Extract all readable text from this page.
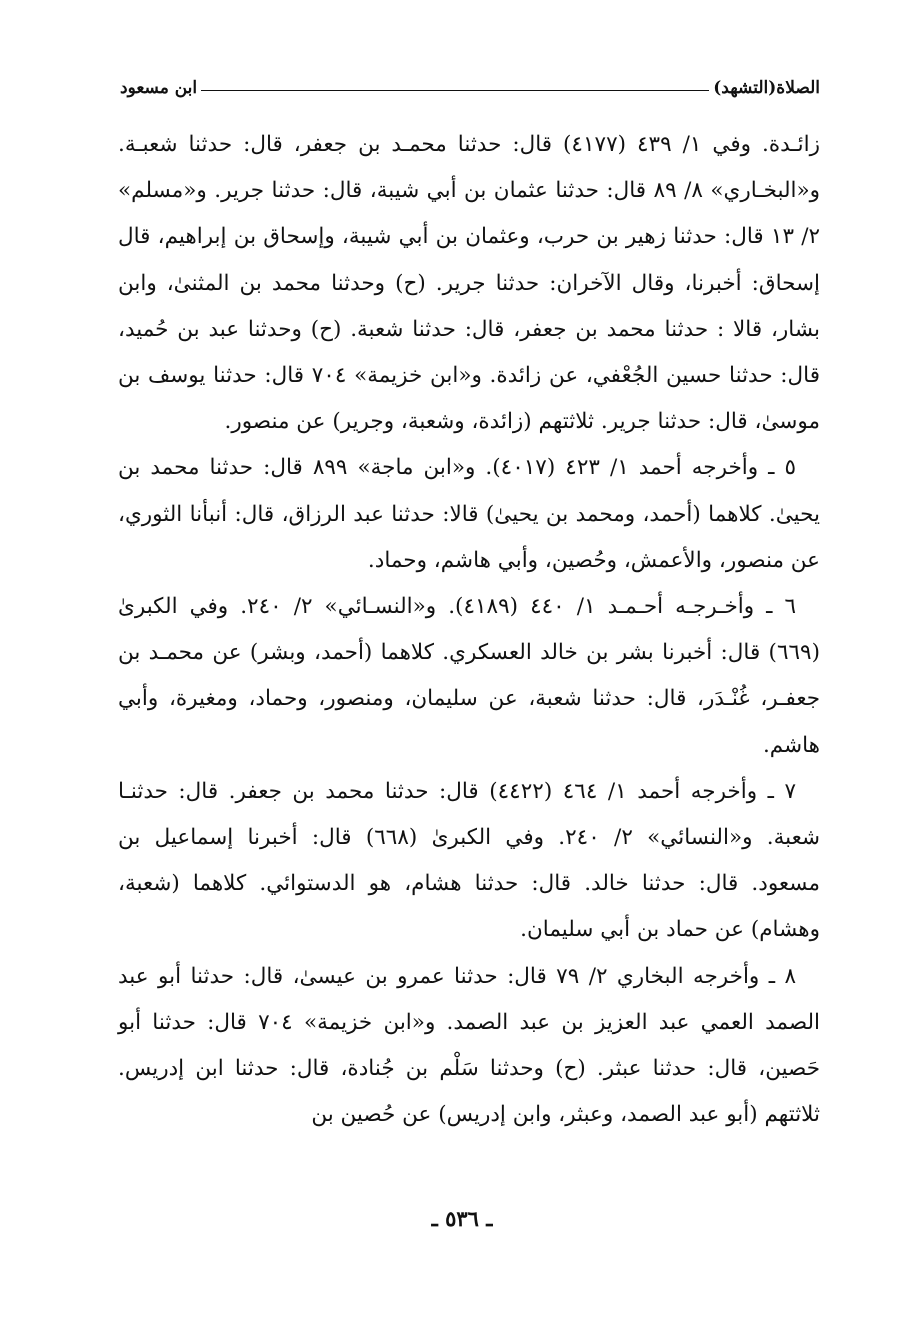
الصلاة(التشهد)
ابن مسعود

زائـدة. وفي ١/ ٤٣٩ (٤١٧٧) قال: حدثنا محمـد بن جعفر، قال: حدثنا شعبـة. و«البخـاري» ٨/ ٨٩ قال: حدثنا عثمان بن أبي شيبة، قال: حدثنا جرير. و«مسلم» ٢/ ١٣ قال: حدثنا زهير بن حرب، وعثمان بن أبي شيبة، وإسحاق بن إبراهيم، قال إسحاق: أخبرنا، وقال الآخران: حدثنا جرير. (ح) وحدثنا محمد بن المثنىٰ، وابن بشار، قالا : حدثنا محمد بن جعفر، قال: حدثنا شعبة. (ح) وحدثنا عبد بن حُميد، قال: حدثنا حسين الجُعْفي، عن زائدة. و«ابن خزيمة» ٧٠٤ قال: حدثنا يوسف بن موسىٰ، قال: حدثنا جرير. ثلاثتهم (زائدة، وشعبة، وجرير) عن منصور.

٥ ـ وأخرجه أحمد ١/ ٤٢٣ (٤٠١٧). و«ابن ماجة» ٨٩٩ قال: حدثنا محمد بن يحيىٰ. كلاهما (أحمد، ومحمد بن يحيىٰ) قالا: حدثنا عبد الرزاق، قال: أنبأنا الثوري، عن منصور، والأعمش، وحُصين، وأبي هاشم، وحماد.

٦ ـ وأخـرجـه أحـمـد ١/ ٤٤٠ (٤١٨٩). و«النسـائي» ٢/ ٢٤٠. وفي الكبرىٰ (٦٦٩) قال: أخبرنا بشر بن خالد العسكري. كلاهما (أحمد، وبشر) عن محمـد بن جعفـر، غُنْـدَر، قال: حدثنا شعبة، عن سليمان، ومنصور، وحماد، ومغيرة، وأبي هاشم.

٧ ـ وأخرجه أحمد ١/ ٤٦٤ (٤٤٢٢) قال: حدثنا محمد بن جعفر. قال: حدثنـا شعبة. و«النسائي» ٢/ ٢٤٠. وفي الكبرىٰ (٦٦٨) قال: أخبرنا إسماعيل بن مسعود. قال: حدثنا خالد. قال: حدثنا هشام، هو الدستوائي. كلاهما (شعبة، وهشام) عن حماد بن أبي سليمان.

٨ ـ وأخرجه البخاري ٢/ ٧٩ قال: حدثنا عمرو بن عيسىٰ، قال: حدثنا أبو عبد الصمد العمي عبد العزيز بن عبد الصمد. و«ابن خزيمة» ٧٠٤ قال: حدثنا أبو حَصين، قال: حدثنا عبثر. (ح) وحدثنا سَلْم بن جُنادة، قال: حدثنا ابن إدريس. ثلاثتهم (أبو عبد الصمد، وعبثر، وابن إدريس) عن حُصين بن

ـ ٥٣٦ ـ
